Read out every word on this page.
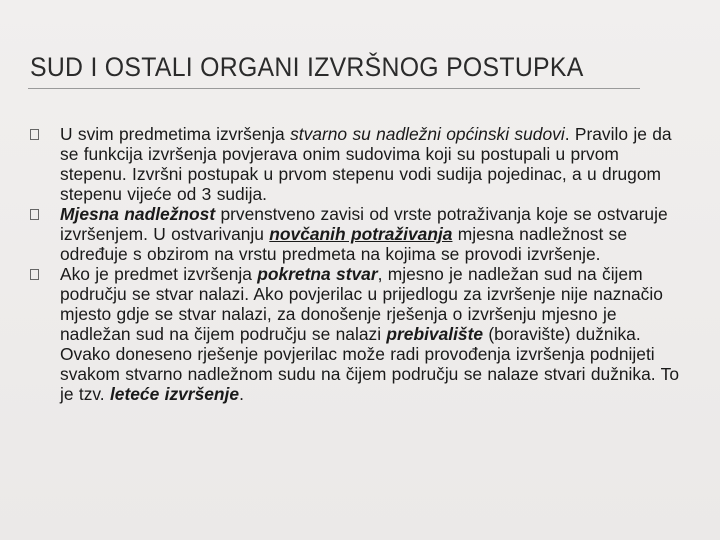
SUD I OSTALI ORGANI IZVRŠNOG POSTUPKA
U svim predmetima izvršenja stvarno su nadležni općinski sudovi. Pravilo je da se funkcija izvršenja povjerava onim sudovima koji su postupali u prvom stepenu. Izvršni postupak u prvom stepenu vodi sudija pojedinac, a u drugom stepenu vijeće od 3 sudija.
Mjesna nadležnost prvenstveno zavisi od vrste potraživanja koje se ostvaruje izvršenjem. U ostvarivanju novčanih potraživanja mjesna nadležnost se određuje s obzirom na vrstu predmeta na kojima se provodi izvršenje.
Ako je predmet izvršenja pokretna stvar, mjesno je nadležan sud na čijem području se stvar nalazi. Ako povjerilac u prijedlogu za izvršenje nije naznačio mjesto gdje se stvar nalazi, za donošenje rješenja o izvršenju mjesno je nadležan sud na čijem području se nalazi prebivalište (boravište) dužnika. Ovako doneseno rješenje povjerilac može radi provođenja izvršenja podnijeti svakom stvarno nadležnom sudu na čijem području se nalaze stvari dužnika. To je tzv. leteće izvršenje.
